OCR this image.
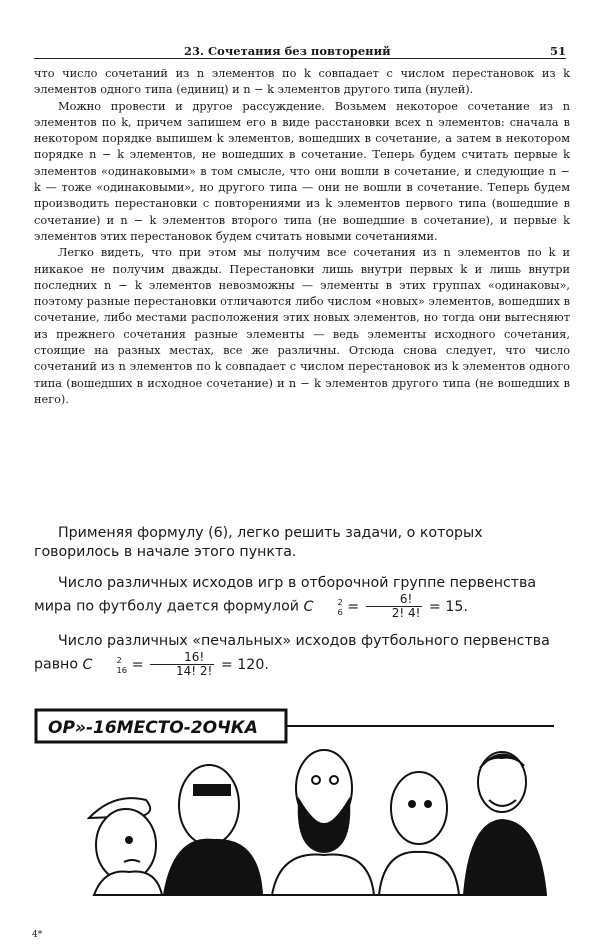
23. Сочетания без повторений	51

что число сочетаний из n элементов по k совпадает с числом перестановок из k элементов одного типа (единиц) и n − k элементов другого типа (нулей).

Можно провести и другое рассуждение. Возьмем некоторое сочетание из n элементов по k, причем запишем его в виде расстановки всех n элементов: сначала в некотором порядке выпишем k элементов, вошедших в сочетание, а затем в некотором порядке n − k элементов, не вошедших в сочетание. Теперь будем считать первые k элементов «одинаковыми» в том смысле, что они вошли в сочетание, и следующие n − k — тоже «одинаковыми», но другого типа — они не вошли в сочетание. Теперь будем производить перестановки с повторениями из k элементов первого типа (вошедшие в сочетание) и n − k элементов второго типа (не вошедшие в сочетание), и первые k элементов этих перестановок будем считать новыми сочетаниями.

Легко видеть, что при этом мы получим все сочетания из n элементов по k и никакое не получим дважды. Перестановки лишь внутри первых k и лишь внутри последних n − k элементов невозможны — элементы в этих группах «одинаковы», поэтому разные перестановки отличаются либо числом «новых» элементов, вошедших в сочетание, либо местами расположения этих новых элементов, но тогда они вытесняют из прежнего сочетания разные элементы — ведь элементы исходного сочетания, стоящие на разных местах, все же различны. Отсюда снова следует, что число сочетаний из n элементов по k совпадает с числом перестановок из k элементов одного типа (вошедших в исходное сочетание) и n − k элементов другого типа (не вошедших в него).

Применяя формулу (6), легко решить задачи, о которых говорилось в начале этого пункта.

Число различных исходов игр в отборочной группе первенства мира по футболу дается формулой C	2
$6 = \frac{6!}{2! 4!} = 15$.

Число различных «печальных» исходов футбольного первенства равно C	2
$16 = \frac{16!}{14! 2!} = 120$.

ОР»-16МЕСТО-2ОЧКА
4*
